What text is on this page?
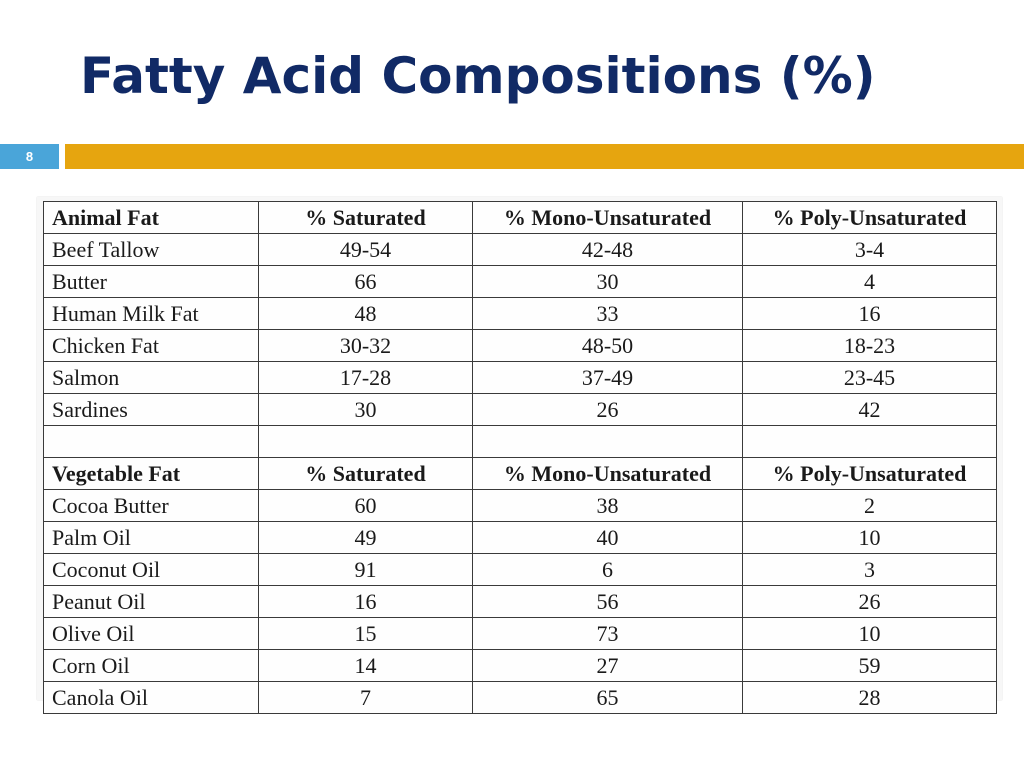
Fatty Acid Compositions (%)
8
Animal Fat	% Saturated	% Mono-Unsaturated	% Poly-Unsaturated
Beef Tallow	49-54	42-48	3-4
Butter	66	30	4
Human Milk Fat	48	33	16
Chicken Fat	30-32	48-50	18-23
Salmon	17-28	37-49	23-45
Sardines	30	26	42

Vegetable Fat	% Saturated	% Mono-Unsaturated	% Poly-Unsaturated
Cocoa Butter	60	38	2
Palm Oil	49	40	10
Coconut Oil	91	6	3
Peanut Oil	16	56	26
Olive Oil	15	73	10
Corn Oil	14	27	59
Canola Oil	7	65	28
